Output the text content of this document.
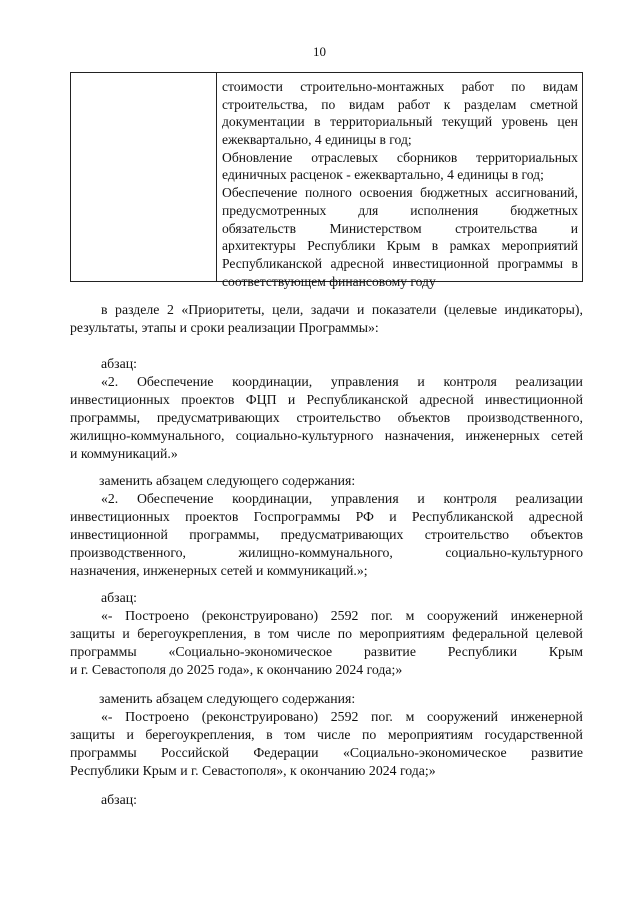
10
стоимости строительно-монтажных работ по видам
строительства, по видам работ к разделам сметной
документации в территориальный текущий уровень цен
ежеквартально, 4 единицы в год;
Обновление отраслевых сборников территориальных
единичных расценок - ежеквартально, 4 единицы в год;
Обеспечение полного освоения бюджетных ассигнований,
предусмотренных для исполнения бюджетных
обязательств Министерством строительства и
архитектуры Республики Крым в рамках мероприятий
Республиканской адресной инвестиционной программы в
соответствующем финансовому году
в разделе 2 «Приоритеты, цели, задачи и показатели (целевые индикаторы),
результаты, этапы и сроки реализации Программы»:
абзац:
«2. Обеспечение координации, управления и контроля реализации
инвестиционных проектов ФЦП и Республиканской адресной инвестиционной
программы, предусматривающих строительство объектов производственного,
жилищно-коммунального, социально-культурного назначения, инженерных сетей
и коммуникаций.»
заменить абзацем следующего содержания:
«2. Обеспечение координации, управления и контроля реализации
инвестиционных проектов Госпрограммы РФ и Республиканской адресной
инвестиционной программы, предусматривающих строительство объектов
производственного,	жилищно-коммунального,	социально-культурного
назначения, инженерных сетей и коммуникаций.»;
абзац:
«- Построено (реконструировано) 2592 пог. м сооружений инженерной
защиты и берегоукрепления, в том числе по мероприятиям федеральной целевой
программы «Социально-экономическое развитие Республики Крым
и г. Севастополя до 2025 года», к окончанию 2024 года;»
заменить абзацем следующего содержания:
«- Построено (реконструировано) 2592 пог. м сооружений инженерной
защиты и берегоукрепления, в том числе по мероприятиям государственной
программы Российской Федерации «Социально-экономическое развитие
Республики Крым и г. Севастополя», к окончанию 2024 года;»
абзац:
